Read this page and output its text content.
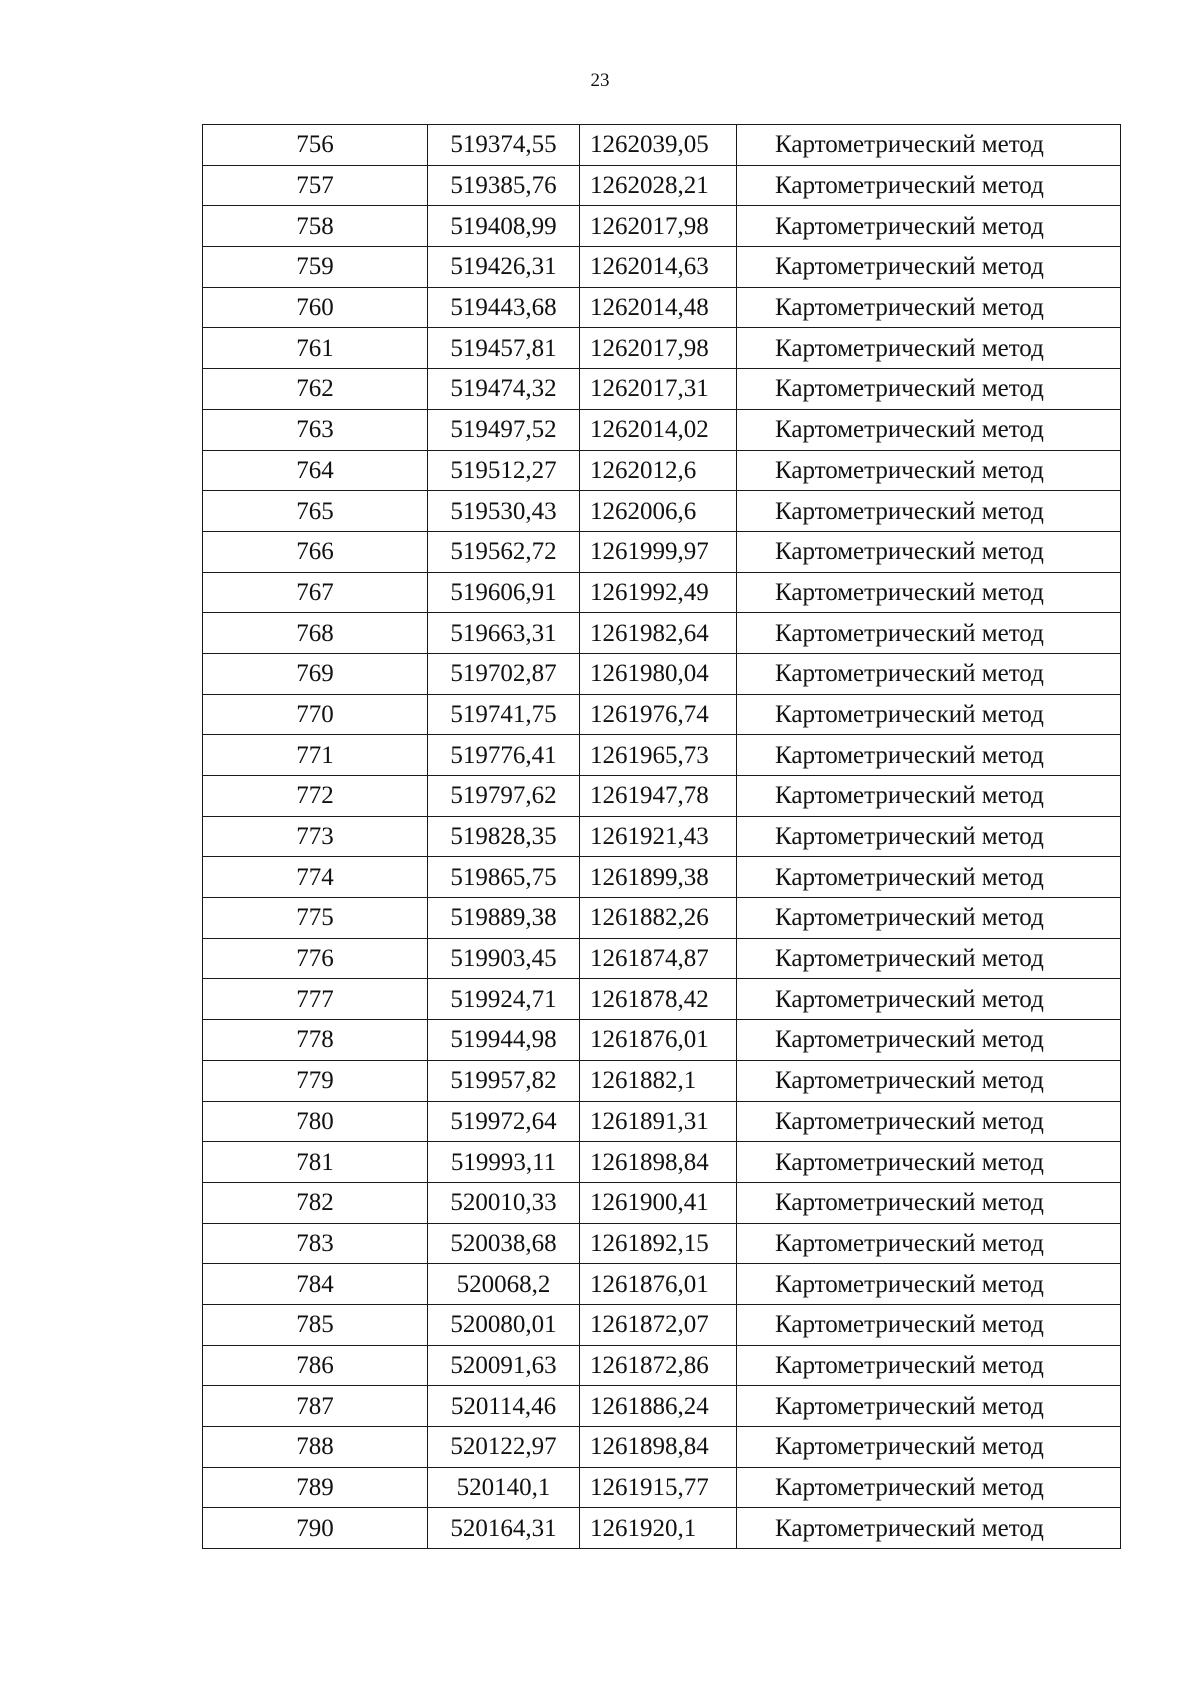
23
756	519374,55	1262039,05	Картометрический метод
757	519385,76	1262028,21	Картометрический метод
758	519408,99	1262017,98	Картометрический метод
759	519426,31	1262014,63	Картометрический метод
760	519443,68	1262014,48	Картометрический метод
761	519457,81	1262017,98	Картометрический метод
762	519474,32	1262017,31	Картометрический метод
763	519497,52	1262014,02	Картометрический метод
764	519512,27	1262012,6	Картометрический метод
765	519530,43	1262006,6	Картометрический метод
766	519562,72	1261999,97	Картометрический метод
767	519606,91	1261992,49	Картометрический метод
768	519663,31	1261982,64	Картометрический метод
769	519702,87	1261980,04	Картометрический метод
770	519741,75	1261976,74	Картометрический метод
771	519776,41	1261965,73	Картометрический метод
772	519797,62	1261947,78	Картометрический метод
773	519828,35	1261921,43	Картометрический метод
774	519865,75	1261899,38	Картометрический метод
775	519889,38	1261882,26	Картометрический метод
776	519903,45	1261874,87	Картометрический метод
777	519924,71	1261878,42	Картометрический метод
778	519944,98	1261876,01	Картометрический метод
779	519957,82	1261882,1	Картометрический метод
780	519972,64	1261891,31	Картометрический метод
781	519993,11	1261898,84	Картометрический метод
782	520010,33	1261900,41	Картометрический метод
783	520038,68	1261892,15	Картометрический метод
784	520068,2	1261876,01	Картометрический метод
785	520080,01	1261872,07	Картометрический метод
786	520091,63	1261872,86	Картометрический метод
787	520114,46	1261886,24	Картометрический метод
788	520122,97	1261898,84	Картометрический метод
789	520140,1	1261915,77	Картометрический метод
790	520164,31	1261920,1	Картометрический метод
